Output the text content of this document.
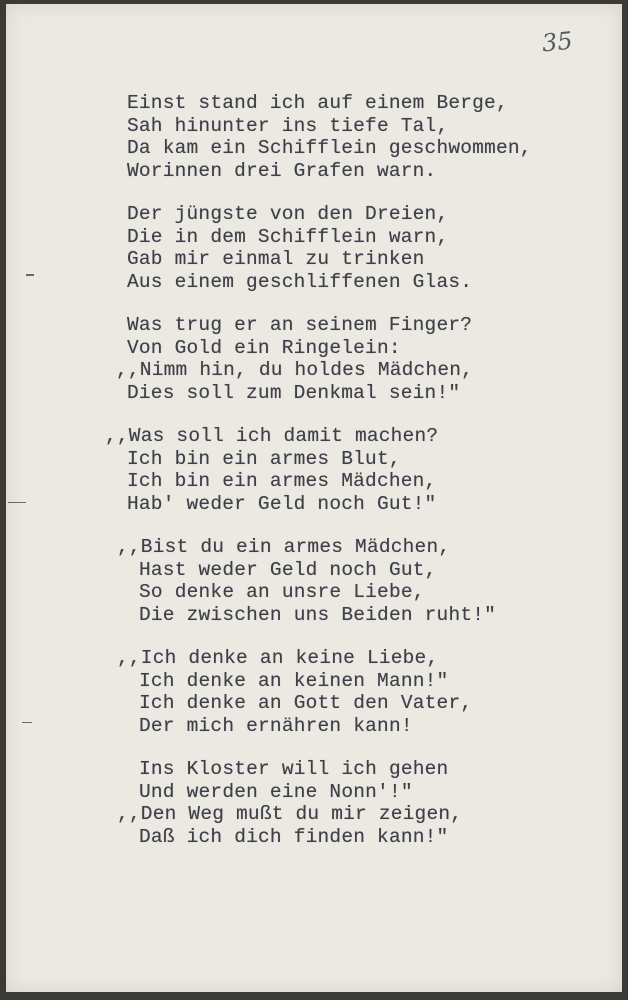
35
Einst stand ich auf einem Berge,
Sah hinunter ins tiefe Tal,
Da kam ein Schifflein geschwommen,
Worinnen drei Grafen warn.
Der jüngste von den Dreien,
Die in dem Schifflein warn,
Gab mir einmal zu trinken
Aus einem geschliffenen Glas.
Was trug er an seinem Finger?
Von Gold ein Ringelein:
,,Nimm hin, du holdes Mädchen,
Dies soll zum Denkmal sein!"
,,Was soll ich damit machen?
Ich bin ein armes Blut,
Ich bin ein armes Mädchen,
Hab' weder Geld noch Gut!"
,,Bist du ein armes Mädchen,
Hast weder Geld noch Gut,
So denke an unsre Liebe,
Die zwischen uns Beiden ruht!"
,,Ich denke an keine Liebe,
Ich denke an keinen Mann!"
Ich denke an Gott den Vater,
Der mich ernähren kann!
Ins Kloster will ich gehen
Und werden eine Nonn'!"
,,Den Weg mußt du mir zeigen,
Daß ich dich finden kann!"
